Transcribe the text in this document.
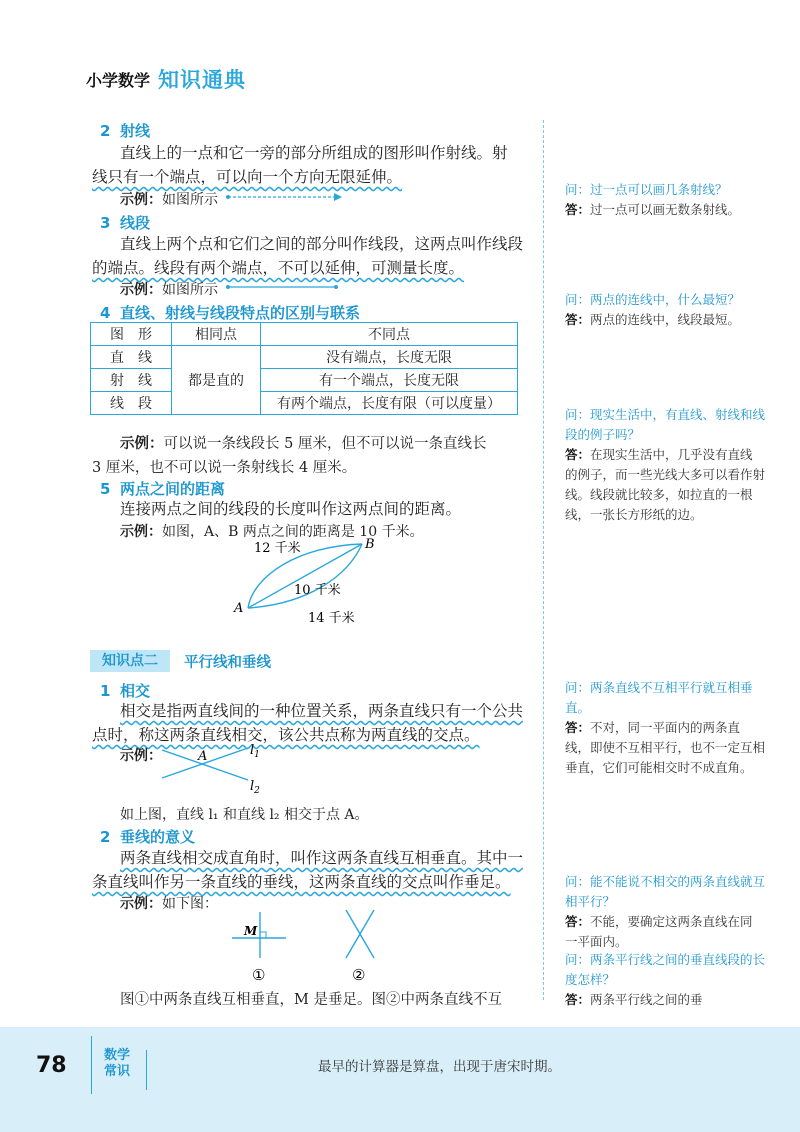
小学数学 知识通典
2 射线
直线上的一点和它一旁的部分所组成的图形叫作射线。射
线只有一个端点，可以向一个方向无限延伸。
示例：如图所示
3 线段
直线上两个点和它们之间的部分叫作线段，这两点叫作线段
的端点。线段有两个端点，不可以延伸，可测量长度。
示例：如图所示
4 直线、射线与线段特点的区别与联系
图　形	相同点	不同点
直　线	都是直的	没有端点，长度无限
射　线		有一个端点，长度无限
线　段		有两个端点，长度有限（可以度量）
示例：可以说一条线段长 5 厘米，但不可以说一条直线长
3 厘米，也不可以说一条射线长 4 厘米。
5 两点之间的距离
连接两点之间的线段的长度叫作这两点间的距离。
示例：如图，A、B 两点之间的距离是 10 千米。
A
B
12 千米
10 千米
14 千米
知识点二	平行线和垂线
1 相交
相交是指两直线间的一种位置关系，两条直线只有一个公共
点时，称这两条直线相交，该公共点称为两直线的交点。
示例：	A	$l_1$
$l_2$
如上图，直线 l₁ 和直线 l₂ 相交于点 A。
2 垂线的意义
两条直线相交成直角时，叫作这两条直线互相垂直。其中一
条直线叫作另一条直线的垂线，这两条直线的交点叫作垂足。
示例：如下图：
M
①	②
图①中两条直线互相垂直，M 是垂足。图②中两条直线不互
问：过一点可以画几条射线？
答：过一点可以画无数条射线。
问：两点的连线中，什么最短？
答：两点的连线中，线段最短。
问：现实生活中，有直线、射线和线段的例子吗？
答：在现实生活中，几乎没有直线的例子，而一些光线大多可以看作射线。线段就比较多，如拉直的一根线，一张长方形纸的边。
问：两条直线不互相平行就互相垂直。
答：不对，同一平面内的两条直线，即使不互相平行，也不一定互相垂直，它们可能相交时不成直角。
问：能不能说不相交的两条直线就互相平行？
答：不能，要确定这两条直线在同一平面内。
问：两条平行线之间的垂直线段的长度怎样？
答：两条平行线之间的垂
78	数学
常识	最早的计算器是算盘，出现于唐宋时期。
